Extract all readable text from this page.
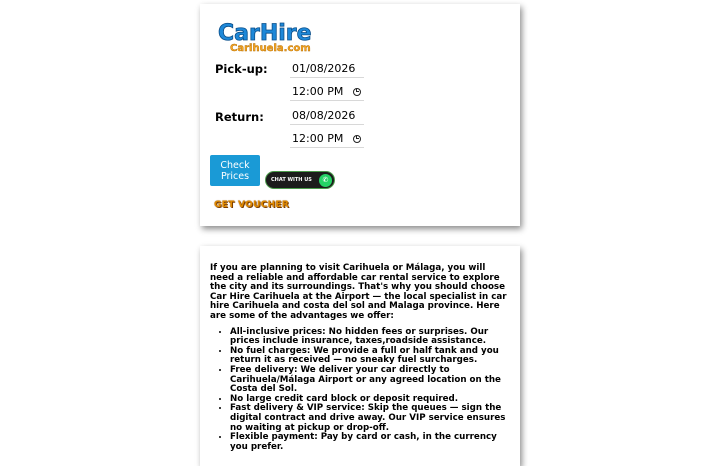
CarHire
Carihuela.com
Pick-up: 01/08/2026
12:00 PM
Return:	08/08/2026
12:00 PM
Check
Prices	CHAT WITH US	✆
GET VOUCHER

If you are planning to visit Carihuela or Málaga, you will need a reliable and affordable car rental service to explore the city and its surroundings. That's why you should choose Car Hire Carihuela at the Airport — the local specialist in car hire Carihuela and costa del sol and Malaga province. Here are some of the advantages we offer:

• All-inclusive prices: No hidden fees or surprises. Our prices include insurance, taxes,roadside assistance.
• No fuel charges: We provide a full or half tank and you return it as received — no sneaky fuel surcharges.
• Free delivery: We deliver your car directly to Carihuela/Málaga Airport or any agreed location on the Costa del Sol.
• No large credit card block or deposit required.
• Fast delivery & VIP service: Skip the queues — sign the digital contract and drive away. Our VIP service ensures no waiting at pickup or drop-off.
• Flexible payment: Pay by card or cash, in the currency you prefer.
